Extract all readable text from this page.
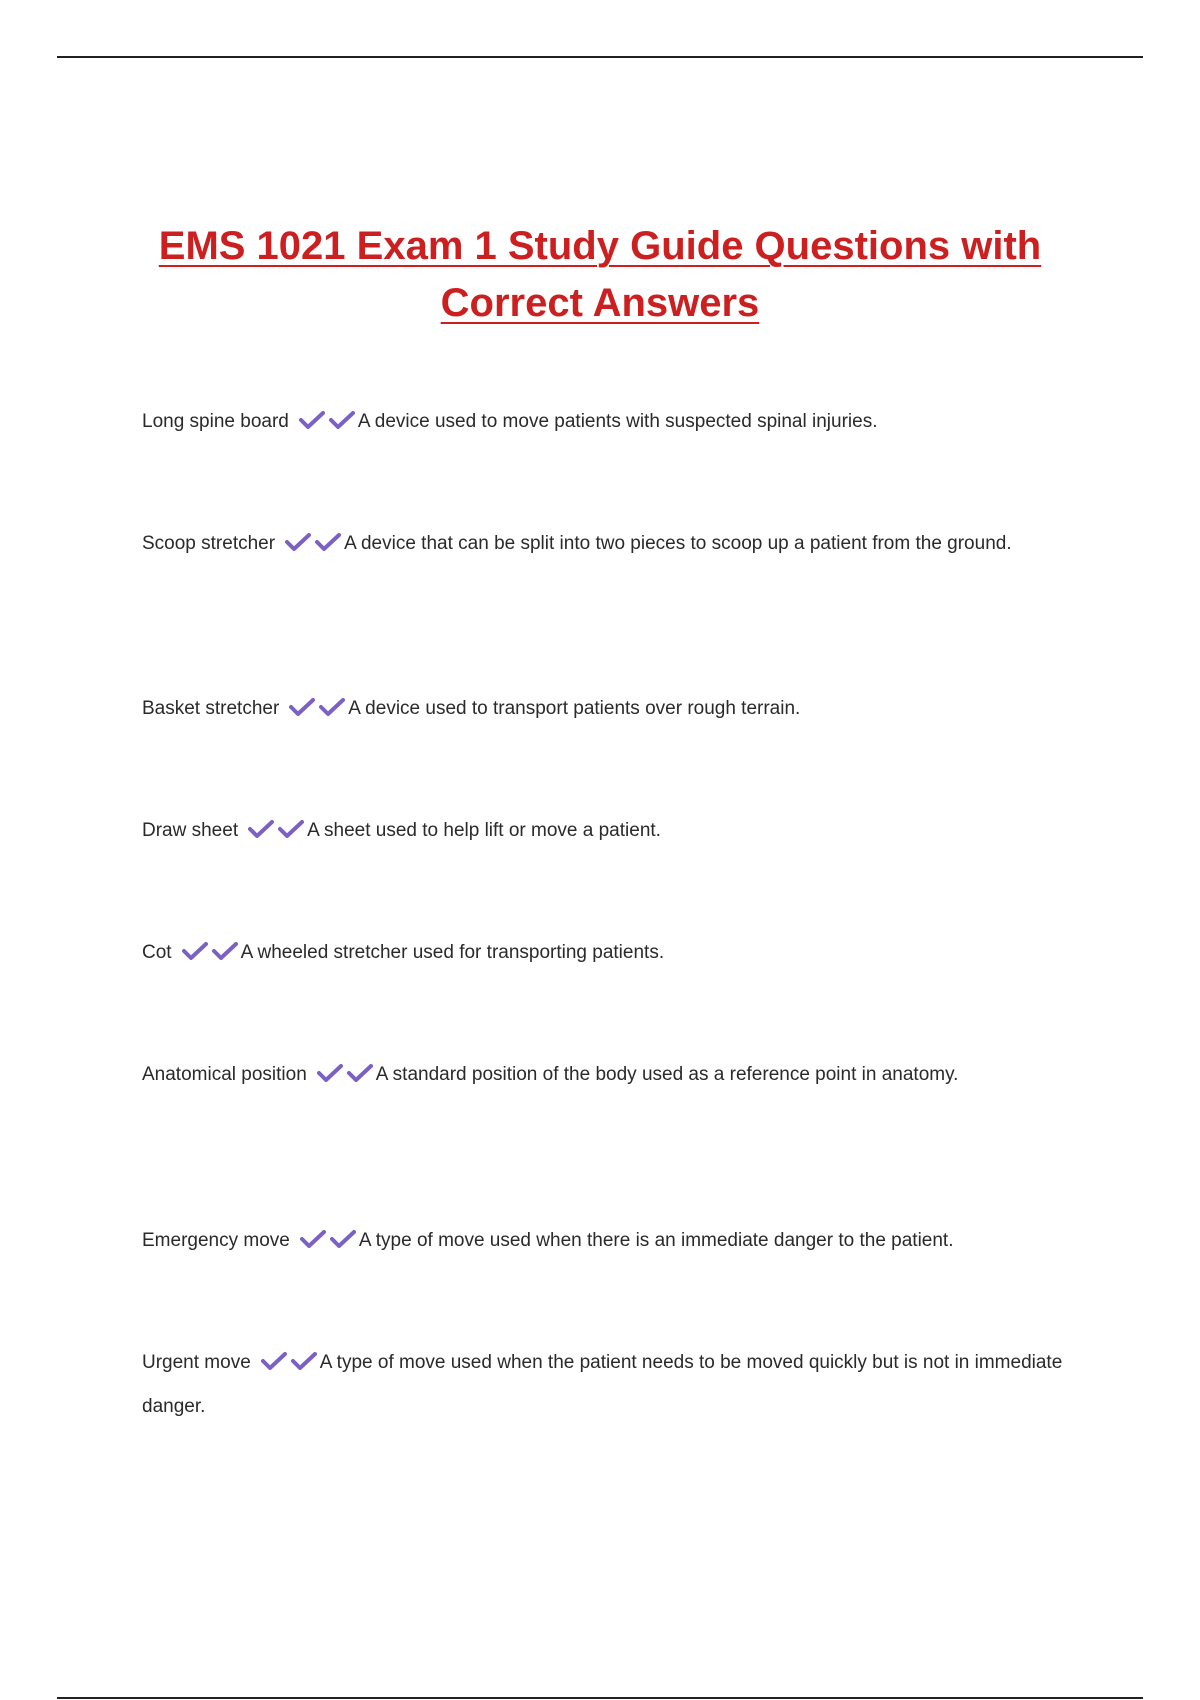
EMS 1021 Exam 1 Study Guide Questions with
Correct Answers

Long spine board	A device used to move patients with suspected spinal injuries.

Scoop stretcher	A device that can be split into two pieces to scoop up a patient from the ground.

Basket stretcher	A device used to transport patients over rough terrain.

Draw sheet	A sheet used to help lift or move a patient.

Cot	A wheeled stretcher used for transporting patients.

Anatomical position	A standard position of the body used as a reference point in anatomy.

Emergency move	A type of move used when there is an immediate danger to the patient.

Urgent move	A type of move used when the patient needs to be moved quickly but is not in immediate danger.
